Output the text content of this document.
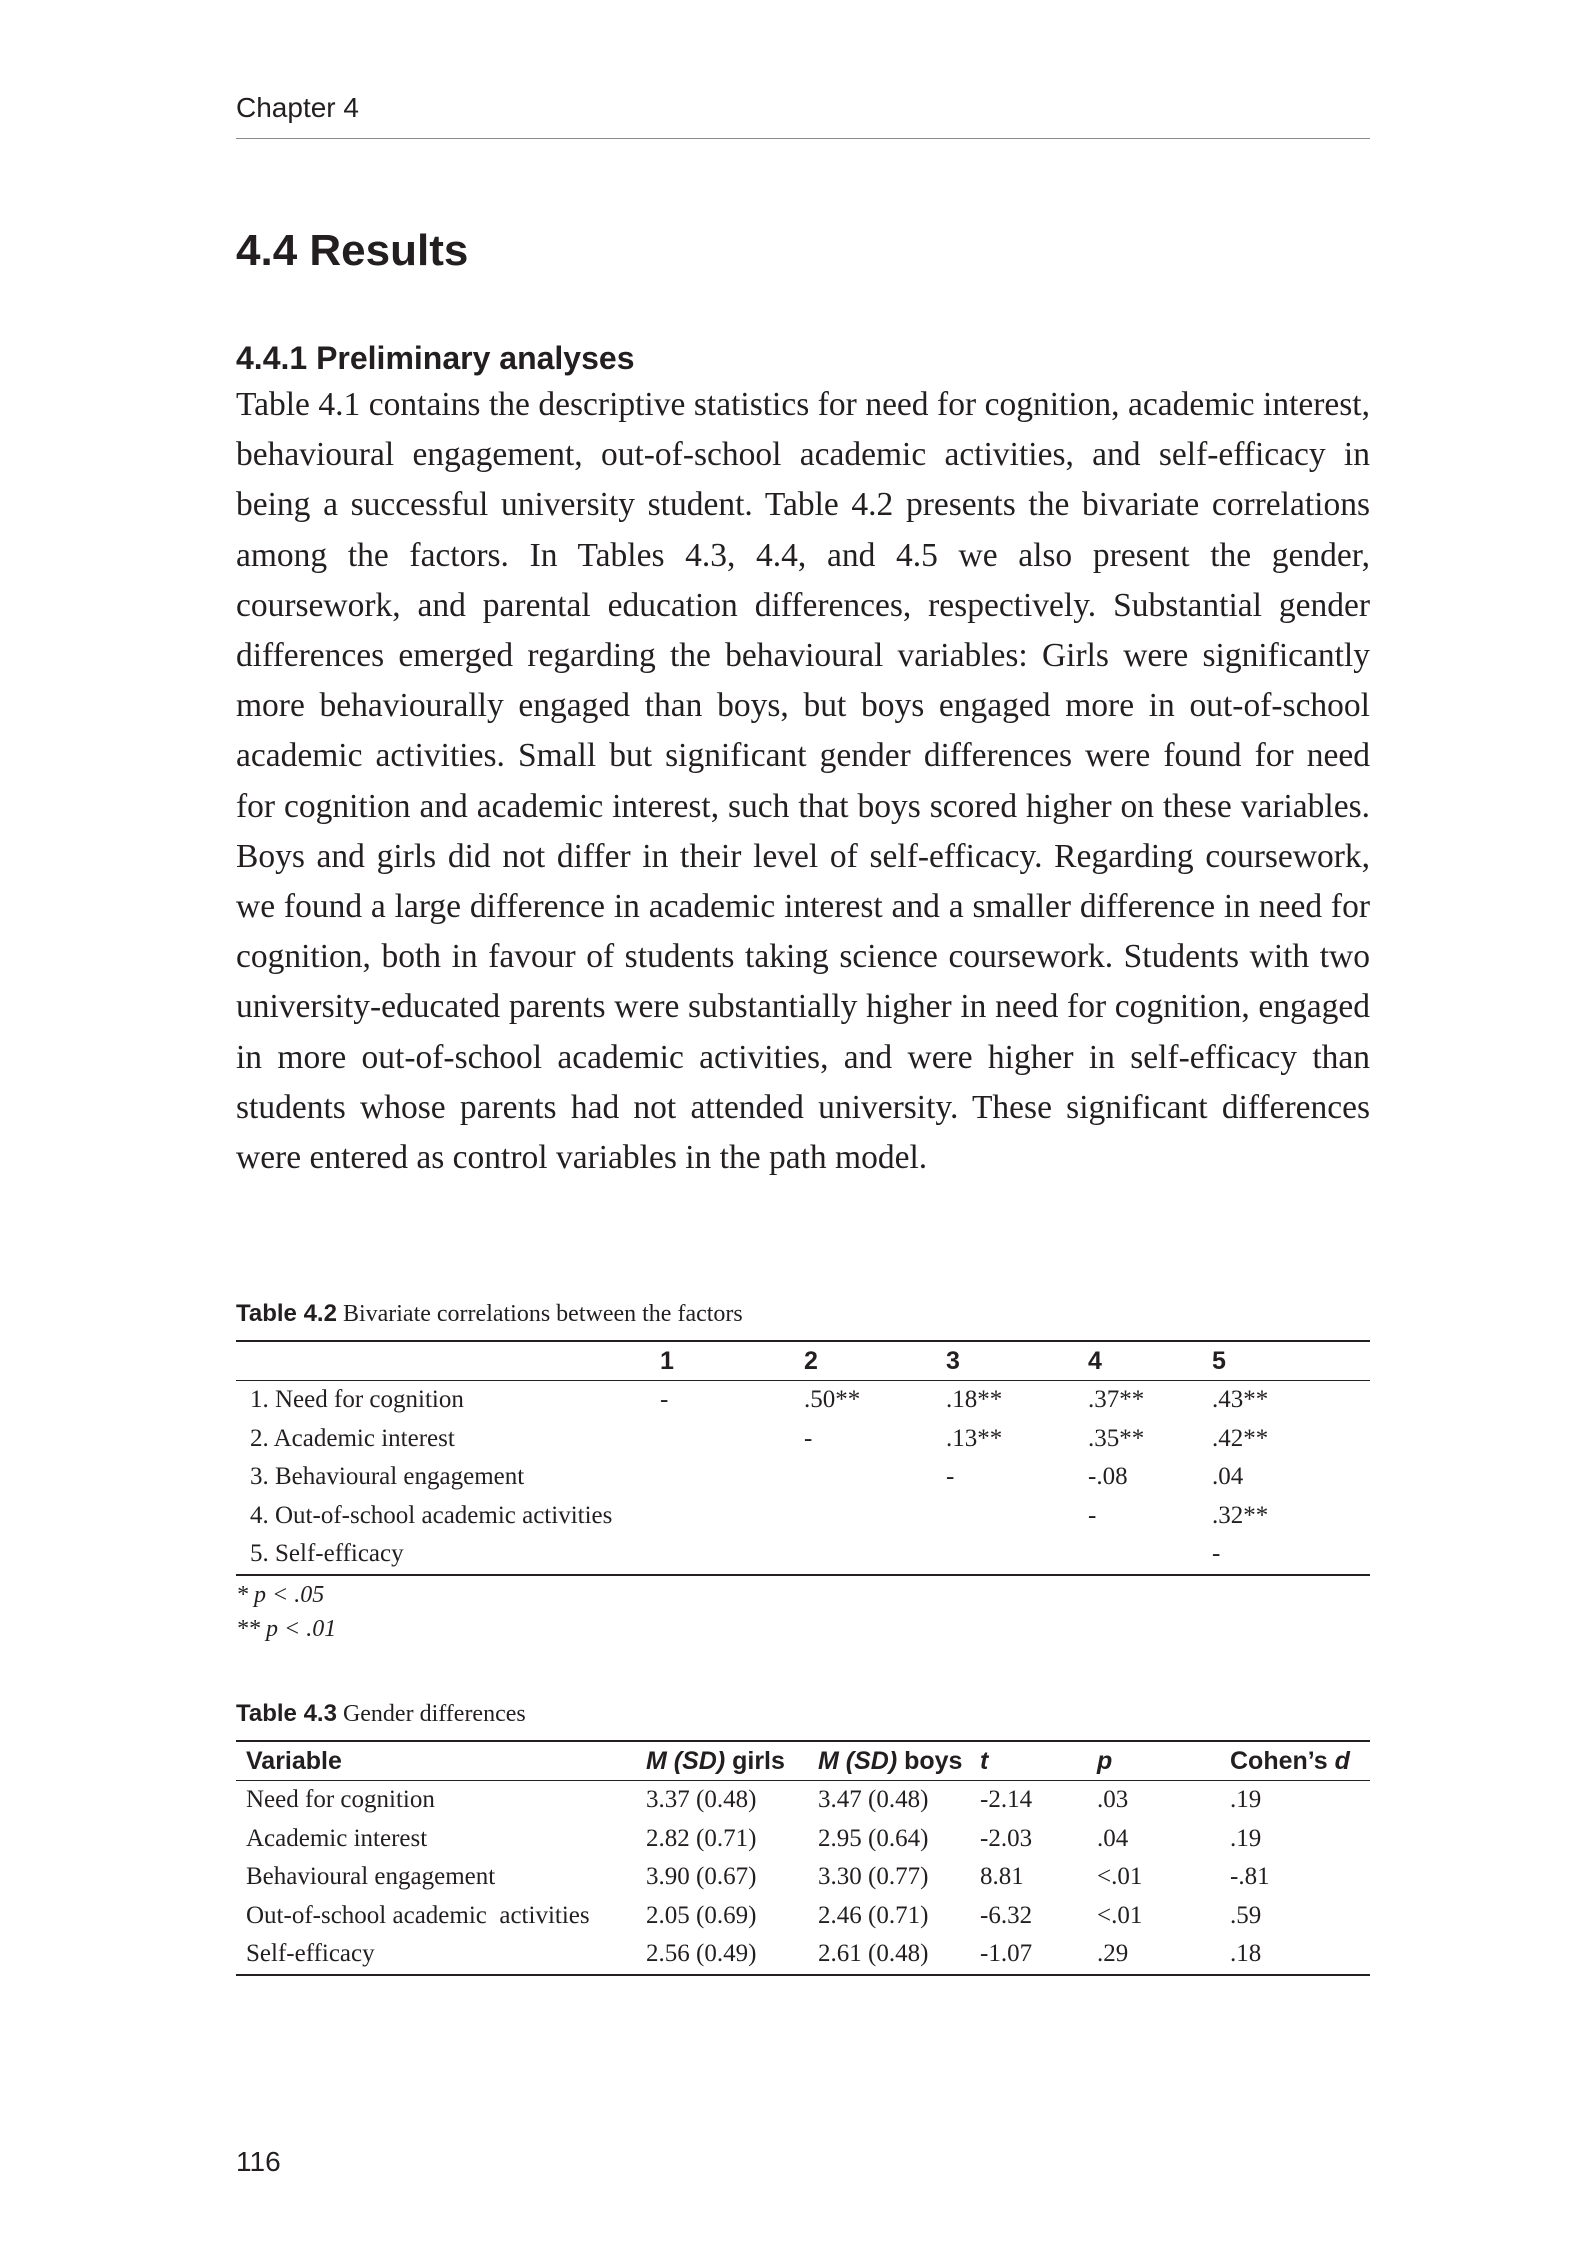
Chapter 4
4.4 Results
4.4.1 Preliminary analyses

Table 4.1 contains the descriptive statistics for need for cognition, academic interest, behavioural engagement, out-of-school academic activities, and self-efficacy in being a successful university student. Table 4.2 presents the bivariate correlations among the factors. In Tables 4.3, 4.4, and 4.5 we also present the gender, coursework, and parental education differences, respectively. Substantial gender differences emerged regarding the behavioural variables: Girls were significantly more behaviourally engaged than boys, but boys engaged more in out-of-school academic activities. Small but significant gender differences were found for need for cognition and academic interest, such that boys scored higher on these variables. Boys and girls did not differ in their level of self-efficacy. Regarding coursework, we found a large difference in academic interest and a smaller difference in need for cognition, both in favour of students taking science coursework. Students with two university-educated parents were substantially higher in need for cognition, engaged in more out-of-school academic activities, and were higher in self-efficacy than students whose parents had not attended university. These significant differences were entered as control variables in the path model.

Table 4.2 Bivariate correlations between the factors
	1	2	3	4	5
1. Need for cognition	-	.50**	.18**	.37**	.43**
2. Academic interest		-	.13**	.35**	.42**
3. Behavioural engagement			-	-.08	.04
4. Out-of-school academic activities				-	.32**
5. Self-efficacy					-
* p < .05
** p < .01
Table 4.3 Gender differences
Variable	M (SD) girls	M (SD) boys	t	p	Cohen’s d
Need for cognition	3.37 (0.48)	3.47 (0.48)	-2.14	.03	.19
Academic interest	2.82 (0.71)	2.95 (0.64)	-2.03	.04	.19
Behavioural engagement	3.90 (0.67)	3.30 (0.77)	8.81	<.01	-.81
Out-of-school academic  activities	2.05 (0.69)	2.46 (0.71)	-6.32	<.01	.59
Self-efficacy	2.56 (0.49)	2.61 (0.48)	-1.07	.29	.18
116
